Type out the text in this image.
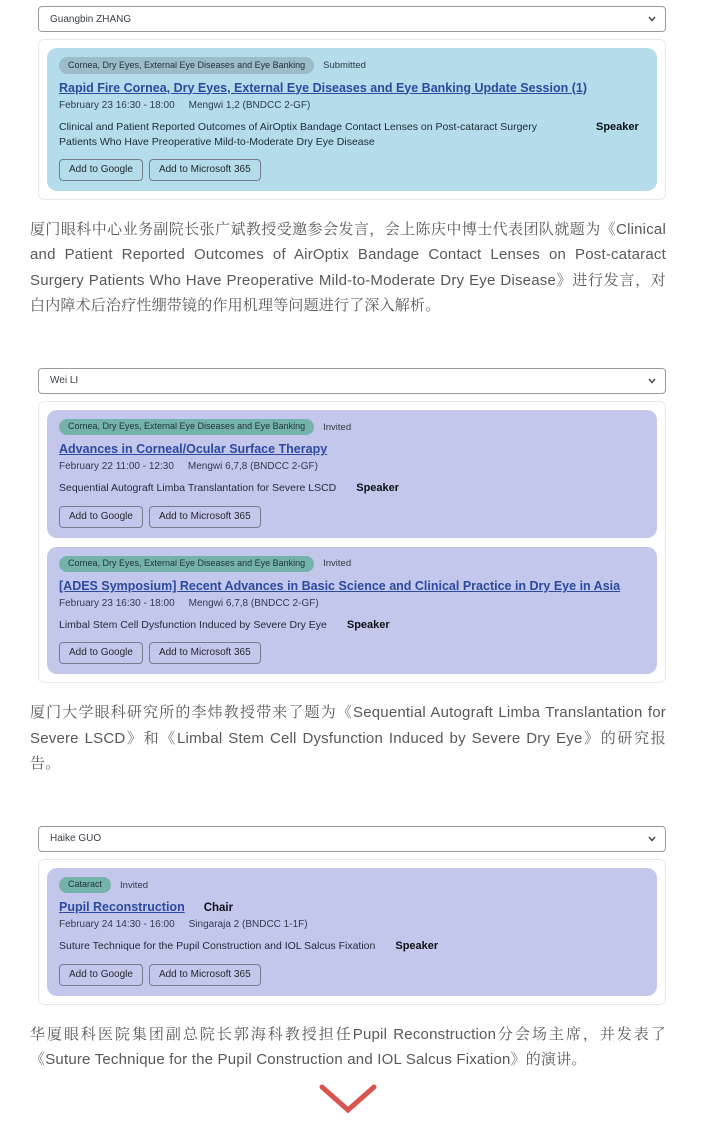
Guangbin ZHANG
Cornea, Dry Eyes, External Eye Diseases and Eye Banking	Submitted
Rapid Fire Cornea, Dry Eyes, External Eye Diseases and Eye Banking Update Session (1)
February 23 16:30 - 18:00 Mengwi 1,2 (BNDCC 2-GF)
Clinical and Patient Reported Outcomes of AirOptix Bandage Contact Lenses on Post-cataract Surgery Patients Who Have Preoperative Mild-to-Moderate Dry Eye Disease
Speaker
Add to Google	Add to Microsoft 365

厦门眼科中心业务副院长张广斌教授受邀参会发言，会上陈庆中博士代表团队就题为《Clinical and Patient Reported Outcomes of AirOptix Bandage Contact Lenses on Post-cataract Surgery Patients Who Have Preoperative Mild-to-Moderate Dry Eye Disease》进行发言，对白内障术后治疗性绷带镜的作用机理等问题进行了深入解析。

Wei LI
Cornea, Dry Eyes, External Eye Diseases and Eye Banking	Invited
Advances in Corneal/Ocular Surface Therapy
February 22 11:00 - 12:30 Mengwi 6,7,8 (BNDCC 2-GF)
Sequential Autograft Limba Translantation for Severe LSCD Speaker
Add to Google	Add to Microsoft 365
Cornea, Dry Eyes, External Eye Diseases and Eye Banking	Invited
[ADES Symposium] Recent Advances in Basic Science and Clinical Practice in Dry Eye in Asia
February 23 16:30 - 18:00 Mengwi 6,7,8 (BNDCC 2-GF)
Limbal Stem Cell Dysfunction Induced by Severe Dry Eye Speaker
Add to Google	Add to Microsoft 365

厦门大学眼科研究所的李炜教授带来了题为《Sequential Autograft Limba Translantation for Severe LSCD》和《Limbal Stem Cell Dysfunction Induced by Severe Dry Eye》的研究报告。

Haike GUO
Cataract	Invited
Pupil Reconstruction Chair
February 24 14:30 - 16:00 Singaraja 2 (BNDCC 1-1F)
Suture Technique for the Pupil Construction and IOL Salcus Fixation Speaker
Add to Google	Add to Microsoft 365

华厦眼科医院集团副总院长郭海科教授担任Pupil Reconstruction分会场主席，并发表了《Suture Technique for the Pupil Construction and IOL Salcus Fixation》的演讲。
